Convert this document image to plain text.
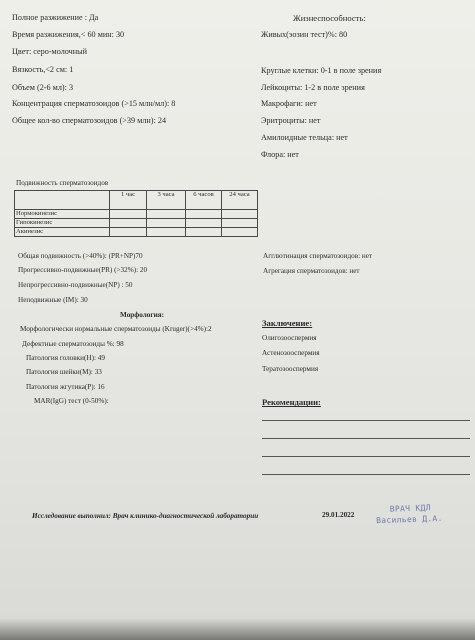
Полное разжижение : Да
Время разжижения,< 60 мин: 30
Цвет: серо-молочный
Вязкость,<2 см: 1
Объем (2-6 мл): 3
Концентрация сперматозоидов (>15 млн/мл): 8
Общее кол-во сперматозоидов (>39 млн): 24
Жизнеспособность:
Живых(эозин тест)%: 80
Круглые клетки: 0-1 в поле зрения
Лейкоциты: 1-2 в поле зрения
Макрофаги: нет
Эритроциты: нет
Амилоидные тельца: нет
Флора: нет
Подвижность сперматозоидов
	1 час	3 часа	6 часов	24 часа
Нормокинезис				
Гипокинезис				
Акинезис				
Общая подвижность (>40%): (PR+NP)70
Прогрессивно-подвижные(PR) (>32%): 20
Непрогрессивно-подвижные(NP) : 50
Неподвижные (IM): 30
Агглютинация сперматозоидов: нет
Агрегация сперматозоидов: нет
Морфология:
Морфологически нормальные сперматозоиды (Kruger)(>4%):2
Дефектные сперматозоиды %: 98
Патология головки(H): 49
Патология шейки(M): 33
Патология жгутика(P): 16
MAR(IgG) тест (0-50%):
Заключение:
Олигозооспермия
Астенозооспермия
Тератозооспермия
Рекомендации:
Исследование выполнил: Врач клинико-диагностической лаборатории	29.01.2022
ВРАЧ КДЛ
Васильев Д.А.
